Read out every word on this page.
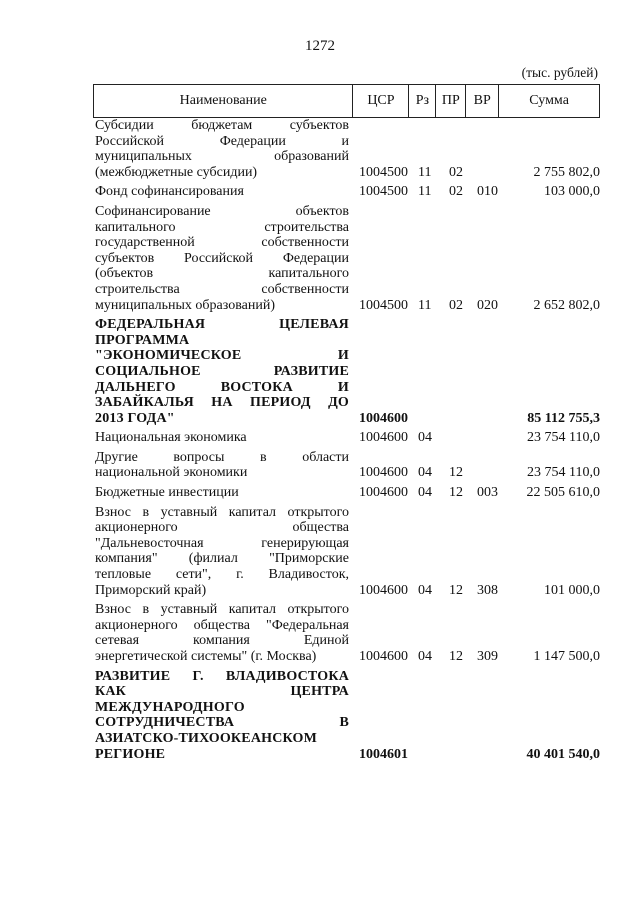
1272
(тыс. рублей)
Наименование	ЦСР	Рз ПР ВР	Сумма
Субсидии бюджетам субъектов
Российской Федерации и
муниципальных образований
(межбюджетные субсидии)	1004500 11 02	2 755 802,0
Фонд софинансирования	1004500 11 02 010	103 000,0
Софинансирование объектов
капитального строительства
государственной собственности
субъектов Российской Федерации
(объектов капитального
строительства собственности
муниципальных образований)	1004500 11 02 020	2 652 802,0
ФЕДЕРАЛЬНАЯ ЦЕЛЕВАЯ
ПРОГРАММА
"ЭКОНОМИЧЕСКОЕ И
СОЦИАЛЬНОЕ РАЗВИТИЕ
ДАЛЬНЕГО ВОСТОКА И
ЗАБАЙКАЛЬЯ НА ПЕРИОД ДО
2013 ГОДА"	1004600	85 112 755,3
Национальная экономика	1004600 04	23 754 110,0
Другие вопросы в области
национальной экономики	1004600 04 12	23 754 110,0
Бюджетные инвестиции	1004600 04 12 003 22 505 610,0
Взнос в уставный капитал открытого
акционерного общества
"Дальневосточная генерирующая
компания" (филиал "Приморские
тепловые сети", г. Владивосток,
Приморский край)	1004600 04 12 308	101 000,0
Взнос в уставный капитал открытого
акционерного общества "Федеральная
сетевая компания Единой
энергетической системы" (г. Москва)	1004600 04 12 309	1 147 500,0
РАЗВИТИЕ Г. ВЛАДИВОСТОКА
КАК ЦЕНТРА
МЕЖДУНАРОДНОГО
СОТРУДНИЧЕСТВА В
АЗИАТСКО-ТИХООКЕАНСКОМ
РЕГИОНЕ	1004601	40 401 540,0
